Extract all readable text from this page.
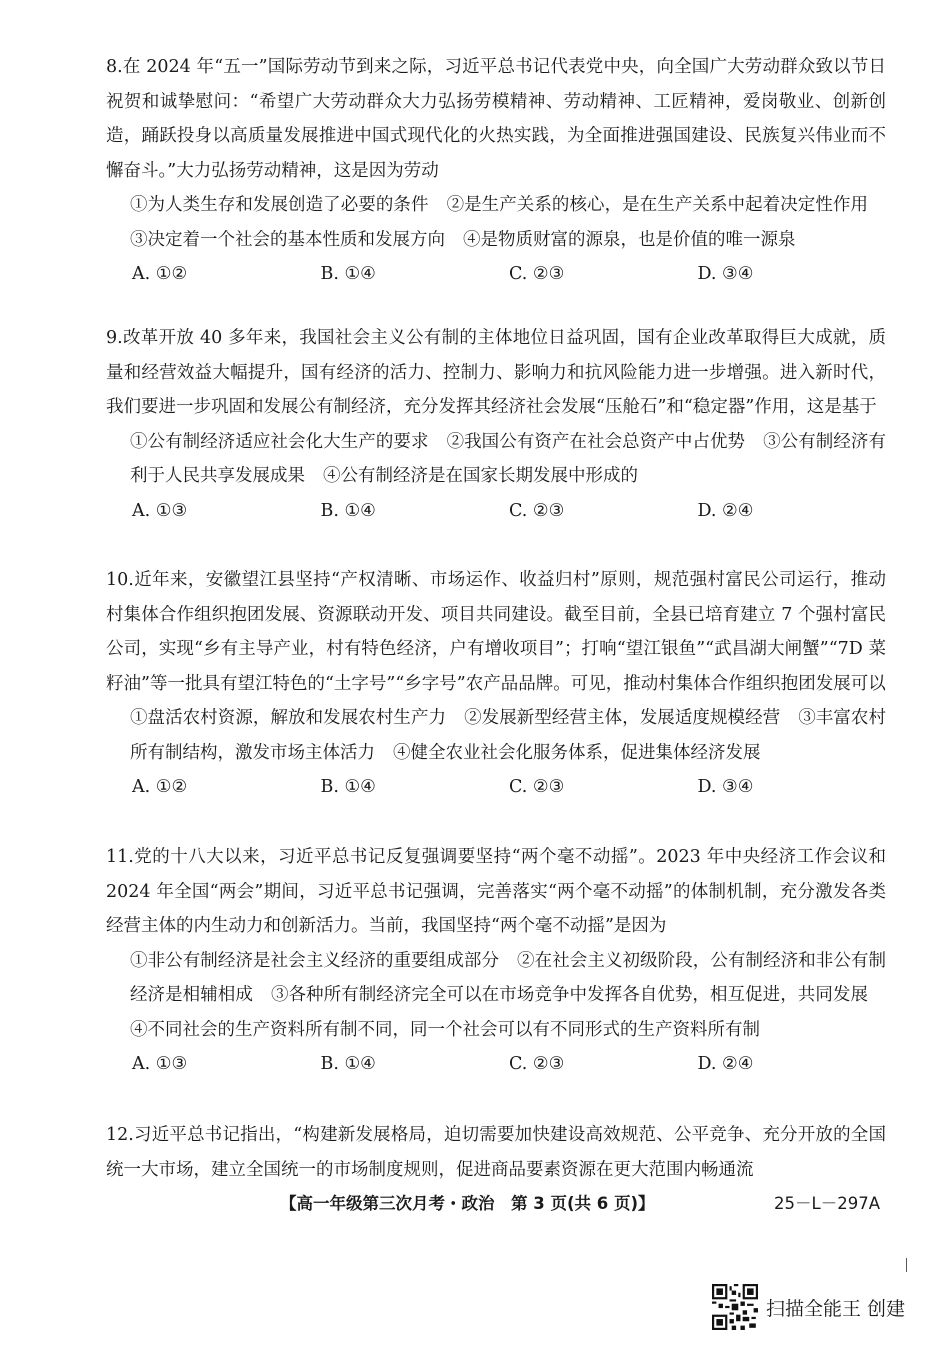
8.在 2024 年“五一”国际劳动节到来之际，习近平总书记代表党中央，向全国广大劳动群众致以节日祝贺和诚挚慰问：“希望广大劳动群众大力弘扬劳模精神、劳动精神、工匠精神，爱岗敬业、创新创造，踊跃投身以高质量发展推进中国式现代化的火热实践，为全面推进强国建设、民族复兴伟业而不懈奋斗。”大力弘扬劳动精神，这是因为劳动

①为人类生存和发展创造了必要的条件 ②是生产关系的核心，是在生产关系中起着决定性作用③决定着一个社会的基本性质和发展方向 ④是物质财富的源泉，也是价值的唯一源泉

A. ①②	B. ①④	C. ②③	D. ③④

9.改革开放 40 多年来，我国社会主义公有制的主体地位日益巩固，国有企业改革取得巨大成就，质量和经营效益大幅提升，国有经济的活力、控制力、影响力和抗风险能力进一步增强。进入新时代，我们要进一步巩固和发展公有制经济，充分发挥其经济社会发展“压舱石”和“稳定器”作用，这是基于

①公有制经济适应社会化大生产的要求 ②我国公有资产在社会总资产中占优势 ③公有制经济有利于人民共享发展成果 ④公有制经济是在国家长期发展中形成的

A. ①③	B. ①④	C. ②③	D. ②④

10.近年来，安徽望江县坚持“产权清晰、市场运作、收益归村”原则，规范强村富民公司运行，推动村集体合作组织抱团发展、资源联动开发、项目共同建设。截至目前，全县已培育建立 7 个强村富民公司，实现“乡有主导产业，村有特色经济，户有增收项目”；打响“望江银鱼”“武昌湖大闸蟹”“7D 菜籽油”等一批具有望江特色的“土字号”“乡字号”农产品品牌。可见，推动村集体合作组织抱团发展可以

①盘活农村资源，解放和发展农村生产力 ②发展新型经营主体，发展适度规模经营 ③丰富农村所有制结构，激发市场主体活力 ④健全农业社会化服务体系，促进集体经济发展

A. ①②	B. ①④	C. ②③	D. ③④

11.党的十八大以来，习近平总书记反复强调要坚持“两个毫不动摇”。2023 年中央经济工作会议和 2024 年全国“两会”期间，习近平总书记强调，完善落实“两个毫不动摇”的体制机制，充分激发各类经营主体的内生动力和创新活力。当前，我国坚持“两个毫不动摇”是因为

①非公有制经济是社会主义经济的重要组成部分 ②在社会主义初级阶段，公有制经济和非公有制经济是相辅相成 ③各种所有制经济完全可以在市场竞争中发挥各自优势，相互促进，共同发展④不同社会的生产资料所有制不同，同一个社会可以有不同形式的生产资料所有制

A. ①③	B. ①④	C. ②③	D. ②④

12.习近平总书记指出，“构建新发展格局，迫切需要加快建设高效规范、公平竞争、充分开放的全国统一大市场，建立全国统一的市场制度规则，促进商品要素资源在更大范围内畅通流

【高一年级第三次月考・政治　第 3 页(共 6 页)】	25－L－297A
扫描全能王 创建
